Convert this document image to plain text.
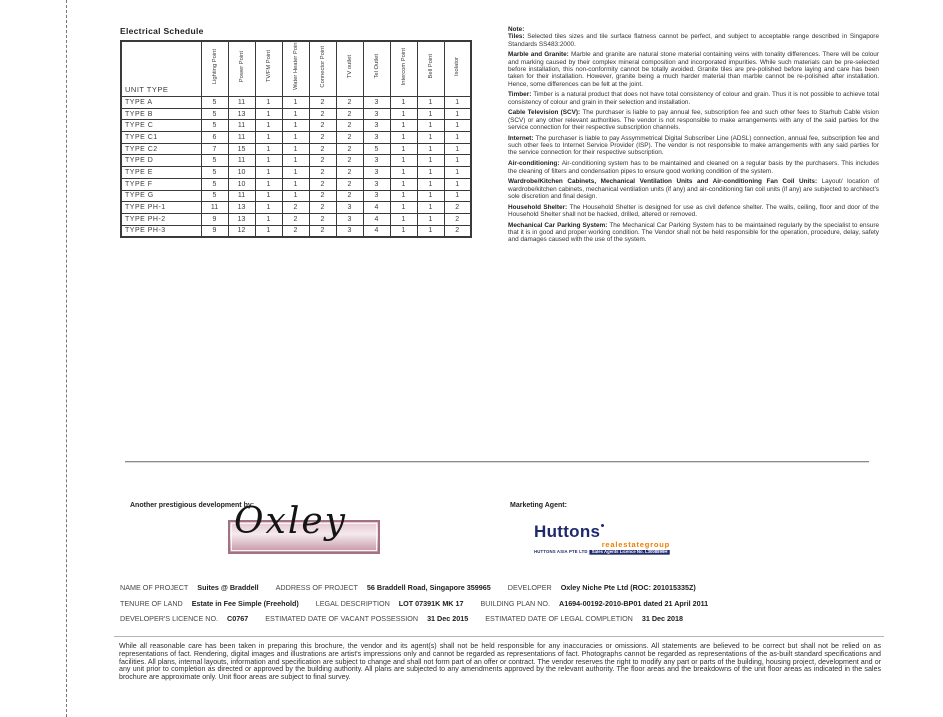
Electrical Schedule
UNIT TYPE	Lighting Point	Power Point	TV/FM Point	Water Heater Point	Connector Point	TV outlet	Tel Outlet	Intercom Point	Bell Point	Isolator
TYPE A	5	11	1	1	2	2	3	1	1	1
TYPE B	5	13	1	1	2	2	3	1	1	1
TYPE C	5	11	1	1	2	2	3	1	1	1
TYPE C1	6	11	1	1	2	2	3	1	1	1
TYPE C2	7	15	1	1	2	2	5	1	1	1
TYPE D	5	11	1	1	2	2	3	1	1	1
TYPE E	5	10	1	1	2	2	3	1	1	1
TYPE F	5	10	1	1	2	2	3	1	1	1
TYPE G	5	11	1	1	2	2	3	1	1	1
TYPE PH-1	11	13	1	2	2	3	4	1	1	2
TYPE PH-2	9	13	1	2	2	3	4	1	1	2
TYPE PH-3	9	12	1	2	2	3	4	1	1	2
Note:

Tiles: Selected tiles sizes and tile surface flatness cannot be perfect, and subject to acceptable range described in Singapore Standards SS483:2000.

Marble and Granite: Marble and granite are natural stone material containing veins with tonality differences. There will be colour and marking caused by their complex mineral composition and incorporated impurities. While such materials can be pre-selected before installation, this non-conformity cannot be totally avoided. Granite tiles are pre-polished before laying and care has been taken for their installation. However, granite being a much harder material than marble cannot be re-polished after installation. Hence, some differences can be felt at the joint.

Timber: Timber is a natural product that does not have total consistency of colour and grain. Thus it is not possible to achieve total consistency of colour and grain in their selection and installation.

Cable Television (SCV): The purchaser is liable to pay annual fee, subscription fee and such other fees to Starhub Cable vision (SCV) or any other relevant authorities. The vendor is not responsible to make arrangements with any of the said parties for the service connection for their respective subscription channels.

Internet: The purchaser is liable to pay Assymmetrical Digital Subscriber Line (ADSL) connection, annual fee, subscription fee and such other fees to Internet Service Provider (ISP). The vendor is not responsible to make arrangements with any said parties for the service connection for their respective subscription.

Air-conditioning: Air-conditioning system has to be maintained and cleaned on a regular basis by the purchasers. This includes the cleaning of filters and condensation pipes to ensure good working condition of the system.

Wardrobe/Kitchen Cabinets, Mechanical Ventilation Units and Air-conditioning Fan Coil Units: Layout/ location of wardrobe/kitchen cabinets, mechanical ventilation units (if any) and air-conditioning fan coil units (if any) are subjected to architect's sole discretion and final design.

Household Shelter: The Household Shelter is designed for use as civil defence shelter. The walls, ceiling, floor and door of the Household Shelter shall not be hacked, drilled, altered or removed.

Mechanical Car Parking System: The Mechanical Car Parking System has to be maintained regularly by the specialist to ensure that it is in good and proper working condition. The Vendor shall not be held responsible for the operation, procedure, delay, safety and damages caused with the use of the system.

Another prestigious development by:
Oxley	Marketing Agent:
Huttons
realestategroup
HUTTONS ASIA PTE LTD Sales Agents Licence No. L3008899H
NAME OF PROJECT Suites @ Braddell ADDRESS OF PROJECT 56 Braddell Road, Singapore 359965 DEVELOPER Oxley Niche Pte Ltd (ROC: 201015335Z)
TENURE OF LAND Estate in Fee Simple (Freehold) LEGAL DESCRIPTION LOT 07391K MK 17 BUILDING PLAN NO. A1694-00192-2010-BP01 dated 21 April 2011
DEVELOPER'S LICENCE NO. C0767 ESTIMATED DATE OF VACANT POSSESSION 31 Dec 2015 ESTIMATED DATE OF LEGAL COMPLETION 31 Dec 2018

While all reasonable care has been taken in preparing this brochure, the vendor and its agent(s) shall not be held responsible for any inaccuracies or omissions. All statements are believed to be correct but shall not be relied on as representations of fact. Rendering, digital images and illustrations are artist's impressions only and cannot be regarded as representations of fact. Photographs cannot be regarded as representations of the as-built standard specifications and facilities. All plans, internal layouts, information and specification are subject to change and shall not form part of an offer or contract. The vendor reserves the right to modify any part or parts of the building, housing project, development and or any unit prior to completion as directed or approved by the building authority. All plans are subjected to any amendments approved by the relevant authority. The floor areas and the breakdowns of the unit floor areas as indicated in the sales brochure are approximate only. Unit floor areas are subject to final survey.
